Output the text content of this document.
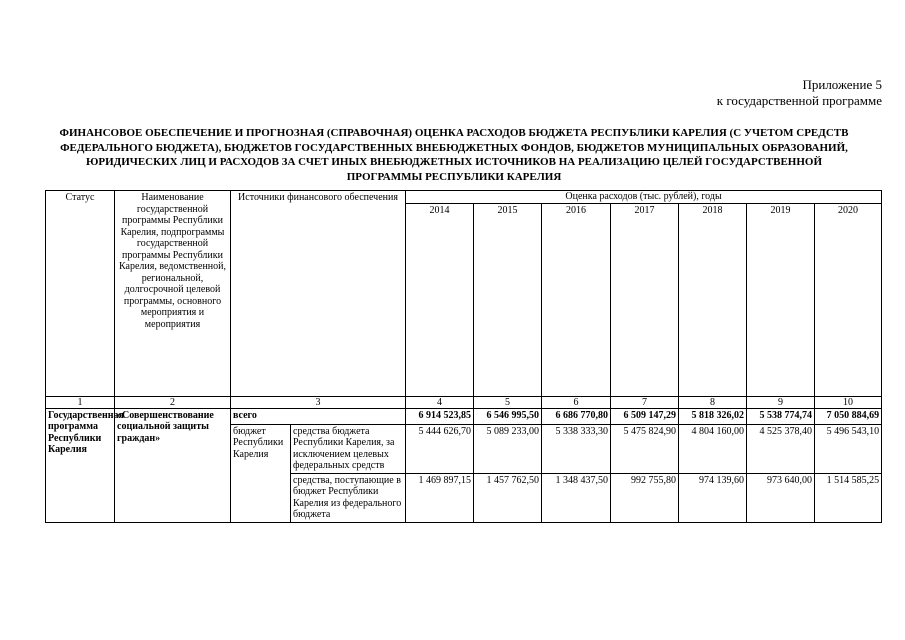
Приложение 5
к государственной программе
ФИНАНСОВОЕ ОБЕСПЕЧЕНИЕ И ПРОГНОЗНАЯ (СПРАВОЧНАЯ) ОЦЕНКА РАСХОДОВ БЮДЖЕТА РЕСПУБЛИКИ КАРЕЛИЯ (С УЧЕТОМ СРЕДСТВ ФЕДЕРАЛЬНОГО БЮДЖЕТА), БЮДЖЕТОВ ГОСУДАРСТВЕННЫХ ВНЕБЮДЖЕТНЫХ ФОНДОВ, БЮДЖЕТОВ МУНИЦИПАЛЬНЫХ ОБРАЗОВАНИЙ, ЮРИДИЧЕСКИХ ЛИЦ И РАСХОДОВ ЗА СЧЕТ ИНЫХ ВНЕБЮДЖЕТНЫХ ИСТОЧНИКОВ НА РЕАЛИЗАЦИЮ ЦЕЛЕЙ ГОСУДАРСТВЕННОЙ ПРОГРАММЫ РЕСПУБЛИКИ КАРЕЛИЯ
Статус	Наименование государственной программы Республики Карелия, подпрограммы государственной программы Республики Карелия, ведомственной, региональной, долгосрочной целевой программы, основного мероприятия и мероприятия	Источники финансового обеспечения		Оценка расходов (тыс. рублей), годы						
				2014	2015	2016	2017	2018	2019	2020
1	2	3		4	5	6	7	8	9	10
Государственная программа Республики Карелия	«Совершенствование социальной защиты граждан»	всего		6 914 523,85	6 546 995,50	6 686 770,80	6 509 147,29	5 818 326,02	5 538 774,74	7 050 884,69
		бюджет Республики Карелия	средства бюджета Республики Карелия, за исключением целевых федеральных средств	5 444 626,70	5 089 233,00	5 338 333,30	5 475 824,90	4 804 160,00	4 525 378,40	5 496 543,10
			средства, поступающие в бюджет Республики Карелия из федерального бюджета	1 469 897,15	1 457 762,50	1 348 437,50	992 755,80	974 139,60	973 640,00	1 514 585,25
